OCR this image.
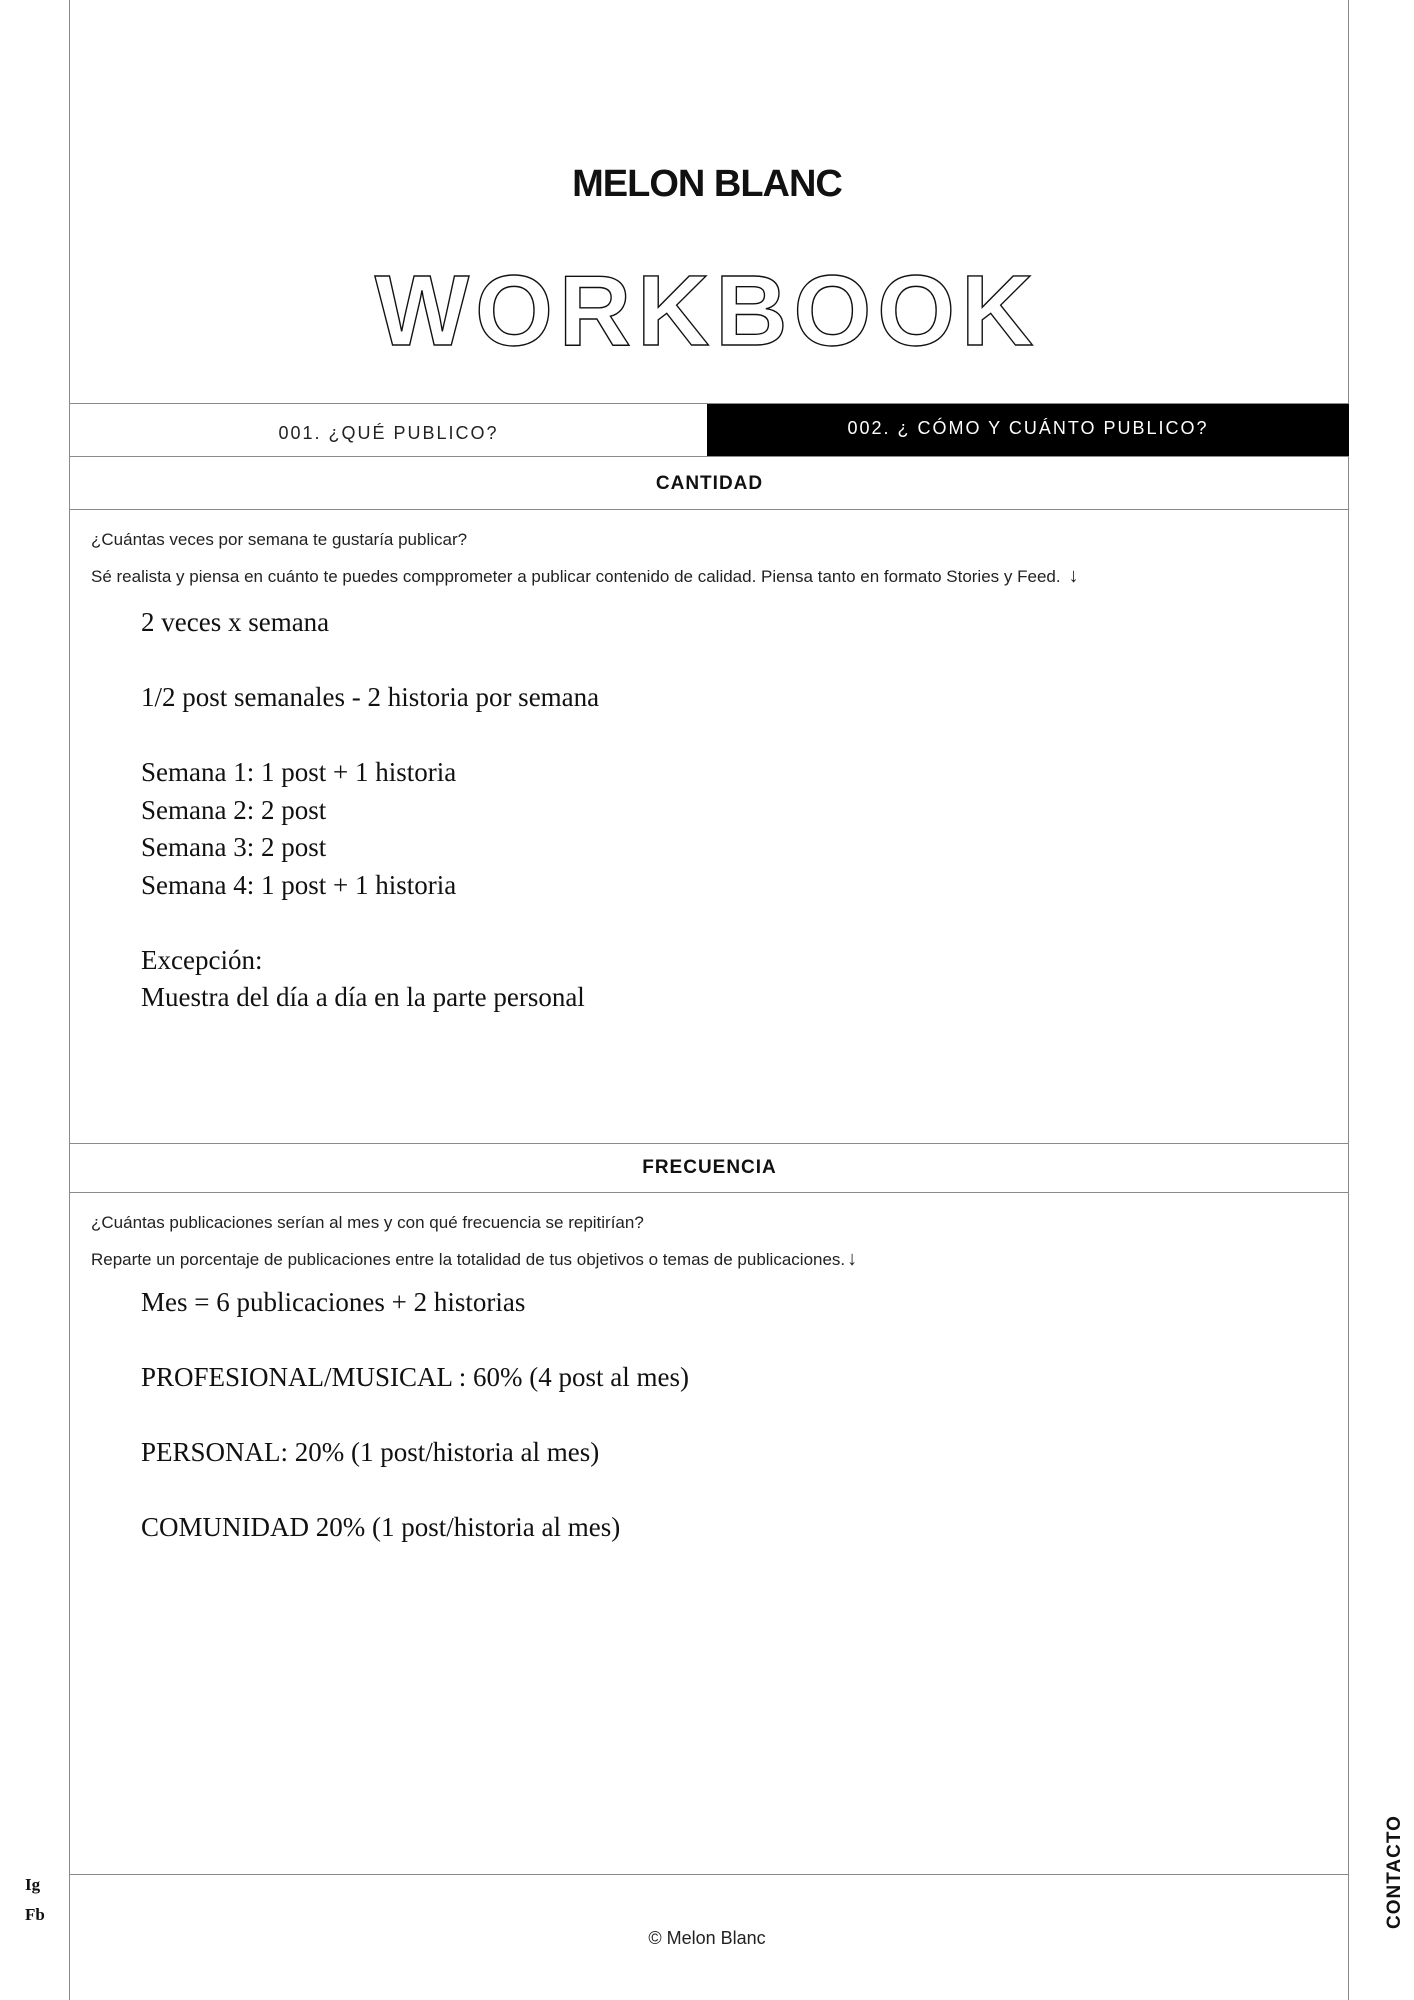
MELON BLANC
WORKBOOK
001. ¿QUÉ PUBLICO?	002. ¿ CÓMO Y CUÁNTO PUBLICO?
CANTIDAD
¿Cuántas veces por semana te gustaría publicar?
Sé realista y piensa en cuánto te puedes compprometer a publicar contenido de calidad. Piensa tanto en formato Stories y Feed. ↓
2 veces x semana
1/2 post semanales - 2 historia por semana
Semana 1: 1 post + 1 historia
Semana 2: 2 post
Semana 3: 2 post
Semana 4: 1 post + 1 historia
Excepción:
Muestra del día a día en la parte personal
FRECUENCIA
¿Cuántas publicaciones serían al mes y con qué frecuencia se repitirían?
Reparte un porcentaje de publicaciones entre la totalidad de tus objetivos o temas de publicaciones. ↓
Mes = 6 publicaciones + 2 historias
PROFESIONAL/MUSICAL : 60% (4 post al mes)
PERSONAL: 20% (1 post/historia al mes)
COMUNIDAD 20% (1 post/historia al mes)
Ig
Fb	CONTACTO
© Melon Blanc
